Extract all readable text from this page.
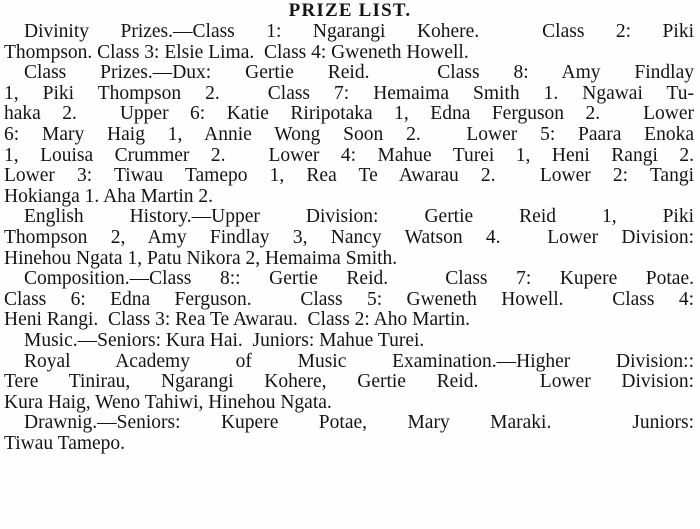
PRIZE LIST.
Divinity Prizes.—Class 1: Ngarangi Kohere.  Class 2: Piki
Thompson. Class 3: Elsie Lima.  Class 4: Gweneth Howell.
Class Prizes.—Dux: Gertie Reid.  Class 8: Amy Findlay
1, Piki Thompson 2.  Class 7: Hemaima Smith 1. Ngawai Tu-
haka 2.  Upper 6: Katie Riripotaka 1, Edna Ferguson 2.  Lower
6: Mary Haig 1, Annie Wong Soon 2.  Lower 5: Paara Enoka
1, Louisa Crummer 2.  Lower 4: Mahue Turei 1, Heni Rangi 2.
Lower 3: Tiwau Tamepo 1, Rea Te Awarau 2.  Lower 2: Tangi
Hokianga 1. Aha Martin 2.
English History.—Upper Division: Gertie Reid 1, Piki
Thompson 2, Amy Findlay 3, Nancy Watson 4.  Lower Division:
Hinehou Ngata 1, Patu Nikora 2, Hemaima Smith.
Composition.—Class 8:: Gertie Reid.  Class 7: Kupere Potae.
Class 6: Edna Ferguson.  Class 5: Gweneth Howell.  Class 4:
Heni Rangi.  Class 3: Rea Te Awarau.  Class 2: Aho Martin.
Music.—Seniors: Kura Hai.  Juniors: Mahue Turei.
Royal Academy of Music Examination.—Higher Division::
Tere Tinirau, Ngarangi Kohere, Gertie Reid.  Lower Division:
Kura Haig, Weno Tahiwi, Hinehou Ngata.
Drawnig.—Seniors: Kupere Potae, Mary Maraki.  Juniors:
Tiwau Tamepo.
